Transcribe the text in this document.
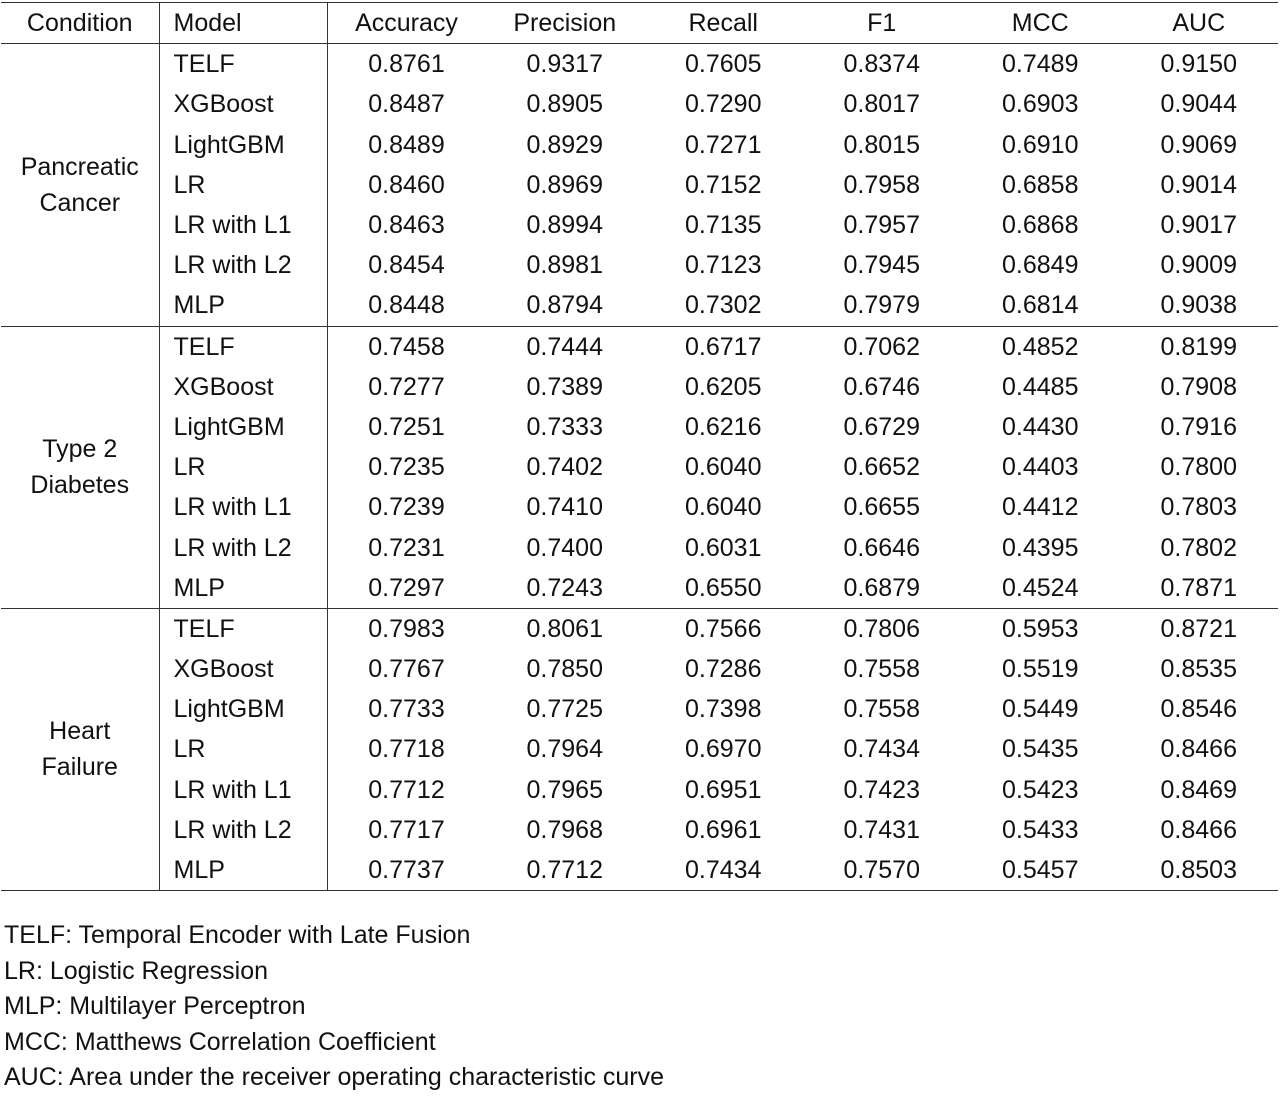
Condition	Model	Accuracy	Precision	Recall	F1	MCC	AUC

Pancreatic
Cancer	TELF	0.8761	0.9317	0.7605	0.8374	0.7489	0.9150
	XGBoost	0.8487	0.8905	0.7290	0.8017	0.6903	0.9044
	LightGBM	0.8489	0.8929	0.7271	0.8015	0.6910	0.9069
	LR	0.8460	0.8969	0.7152	0.7958	0.6858	0.9014
	LR with L1	0.8463	0.8994	0.7135	0.7957	0.6868	0.9017
	LR with L2	0.8454	0.8981	0.7123	0.7945	0.6849	0.9009
	MLP	0.8448	0.8794	0.7302	0.7979	0.6814	0.9038

Type 2
Diabetes	TELF	0.7458	0.7444	0.6717	0.7062	0.4852	0.8199
	XGBoost	0.7277	0.7389	0.6205	0.6746	0.4485	0.7908
	LightGBM	0.7251	0.7333	0.6216	0.6729	0.4430	0.7916
	LR	0.7235	0.7402	0.6040	0.6652	0.4403	0.7800
	LR with L1	0.7239	0.7410	0.6040	0.6655	0.4412	0.7803
	LR with L2	0.7231	0.7400	0.6031	0.6646	0.4395	0.7802
	MLP	0.7297	0.7243	0.6550	0.6879	0.4524	0.7871

Heart
Failure	TELF	0.7983	0.8061	0.7566	0.7806	0.5953	0.8721
	XGBoost	0.7767	0.7850	0.7286	0.7558	0.5519	0.8535
	LightGBM	0.7733	0.7725	0.7398	0.7558	0.5449	0.8546
	LR	0.7718	0.7964	0.6970	0.7434	0.5435	0.8466
	LR with L1	0.7712	0.7965	0.6951	0.7423	0.5423	0.8469
	LR with L2	0.7717	0.7968	0.6961	0.7431	0.5433	0.8466
	MLP	0.7737	0.7712	0.7434	0.7570	0.5457	0.8503
TELF: Temporal Encoder with Late Fusion
LR: Logistic Regression
MLP: Multilayer Perceptron
MCC: Matthews Correlation Coefficient
AUC: Area under the receiver operating characteristic curve
